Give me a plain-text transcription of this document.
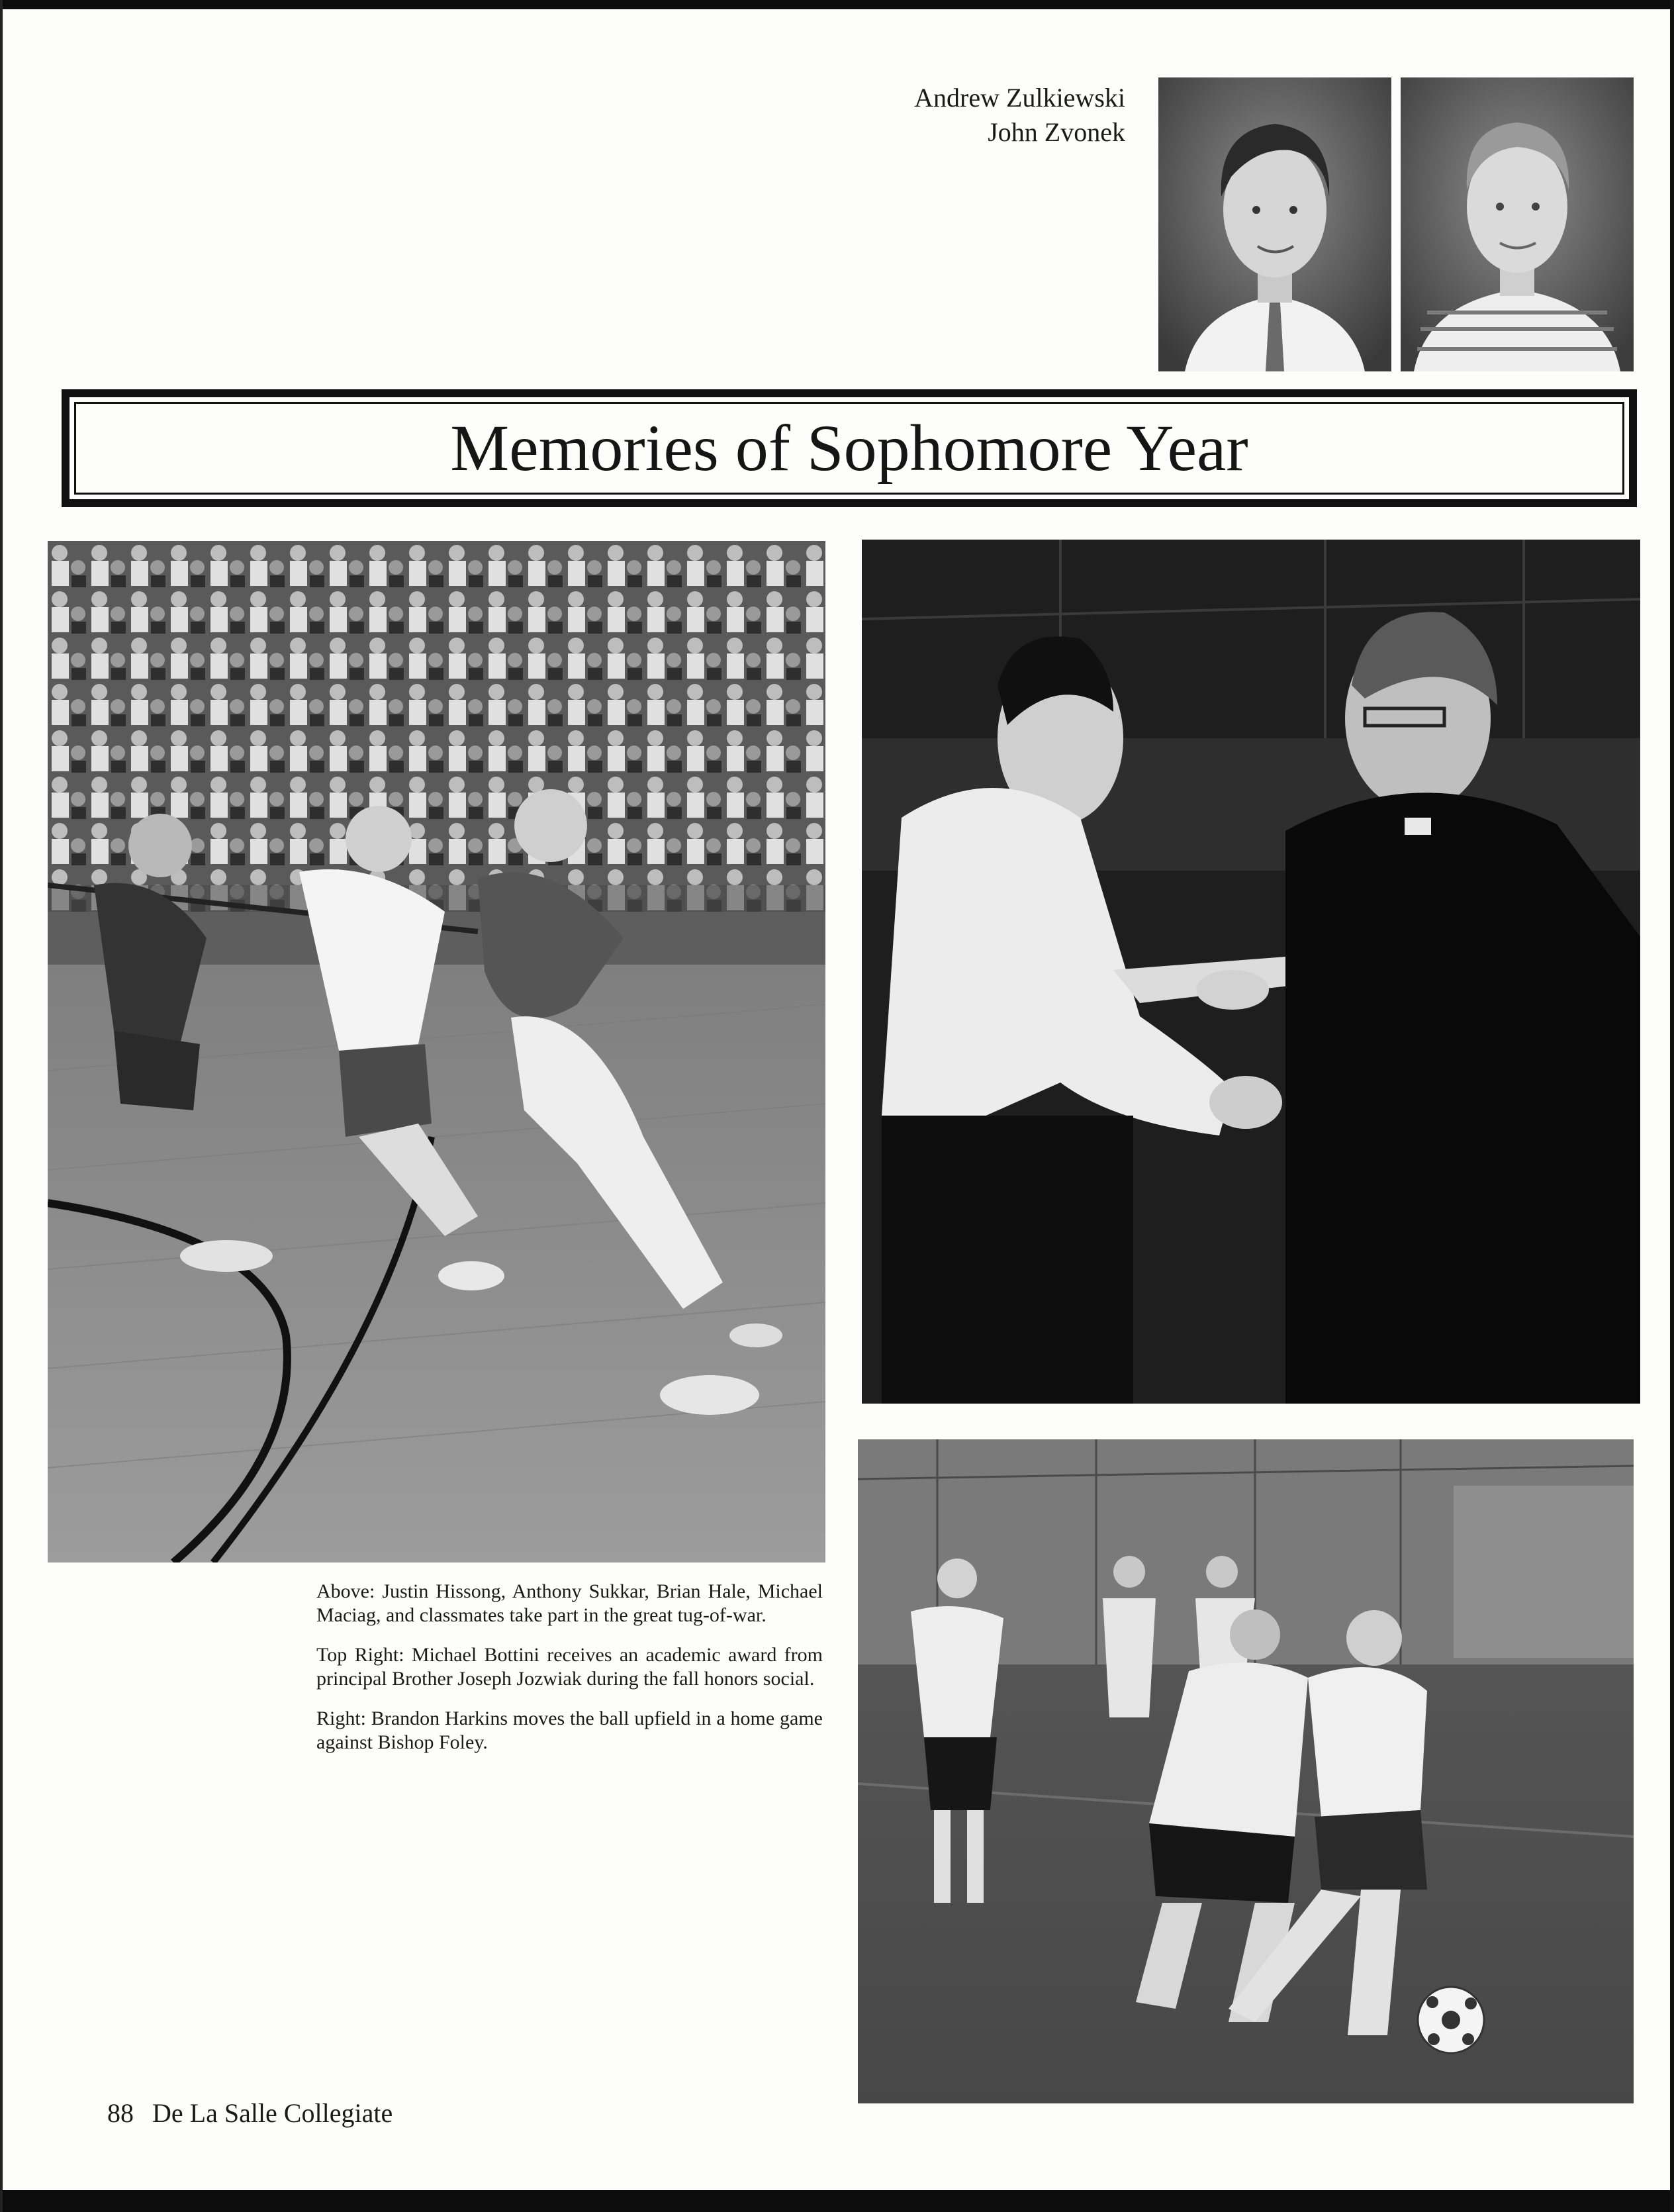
Andrew Zulkiewski
John Zvonek
Memories of Sophomore Year

Above: Justin Hissong, Anthony Sukkar, Brian Hale, Michael Maciag, and classmates take part in the great tug-of-war.

Top Right: Michael Bottini receives an academic award from principal Brother Joseph Jozwiak during the fall honors social.

Right: Brandon Harkins moves the ball upfield in a home game against Bishop Foley.

88 De La Salle Collegiate
